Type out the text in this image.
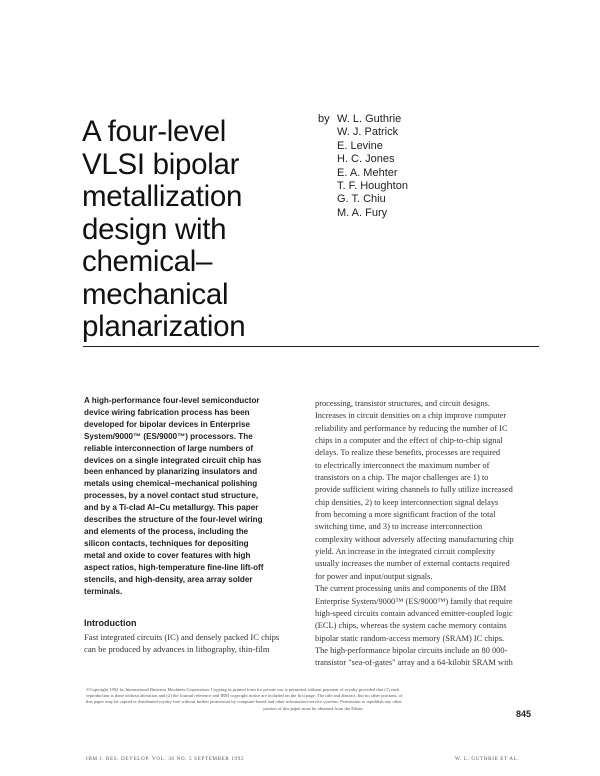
A four-level
VLSI bipolar
metallization
design with
chemical–
mechanical
planarization
by W. L. Guthrie
W. J. Patrick
E. Levine
H. C. Jones
E. A. Mehter
T. F. Houghton
G. T. Chiu
M. A. Fury

A high-performance four-level semiconductor
device wiring fabrication process has been
developed for bipolar devices in Enterprise
System/9000™ (ES/9000™) processors. The
reliable interconnection of large numbers of
devices on a single integrated circuit chip has
been enhanced by planarizing insulators and
metals using chemical–mechanical polishing
processes, by a novel contact stud structure,
and by a Ti-clad Al–Cu metallurgy. This paper
describes the structure of the four-level wiring
and elements of the process, including the
silicon contacts, techniques for depositing
metal and oxide to cover features with high
aspect ratios, high-temperature fine-line lift-off
stencils, and high-density, area array solder
terminals.

Introduction

Fast integrated circuits (IC) and densely packed IC chips
can be produced by advances in lithography, thin-film

processing, transistor structures, and circuit designs.
Increases in circuit densities on a chip improve computer
reliability and performance by reducing the number of IC
chips in a computer and the effect of chip-to-chip signal
delays. To realize these benefits, processes are required
to electrically interconnect the maximum number of
transistors on a chip. The major challenges are 1) to
provide sufficient wiring channels to fully utilize increased
chip densities, 2) to keep interconnection signal delays
from becoming a more significant fraction of the total
switching time, and 3) to increase interconnection
complexity without adversely affecting manufacturing chip
yield. An increase in the integrated circuit complexity
usually increases the number of external contacts required
for power and input/output signals.
The current processing units and components of the IBM
Enterprise System/9000™ (ES/9000™) family that require
high-speed circuits contain advanced emitter-coupled logic
(ECL) chips, whereas the system cache memory contains
bipolar static random-access memory (SRAM) IC chips.
The high-performance bipolar circuits include an 80 000-
transistor "sea-of-gates" array and a 64-kilobit SRAM with

©Copyright 1992 by International Business Machines Corporation. Copying in printed form for private use is permitted without payment of royalty provided that (1) each
reproduction is done without alteration and (2) the Journal reference and IBM copyright notice are included on the first page. The title and abstract, but no other portions, of
this paper may be copied or distributed royalty free without further permission by computer-based and other information-service systems. Permission to republish any other
portion of this paper must be obtained from the Editor.

845
IBM J. RES. DEVELOP. VOL. 36 NO. 5 SEPTEMBER 1992	W. L. GUTHRIE ET AL.
